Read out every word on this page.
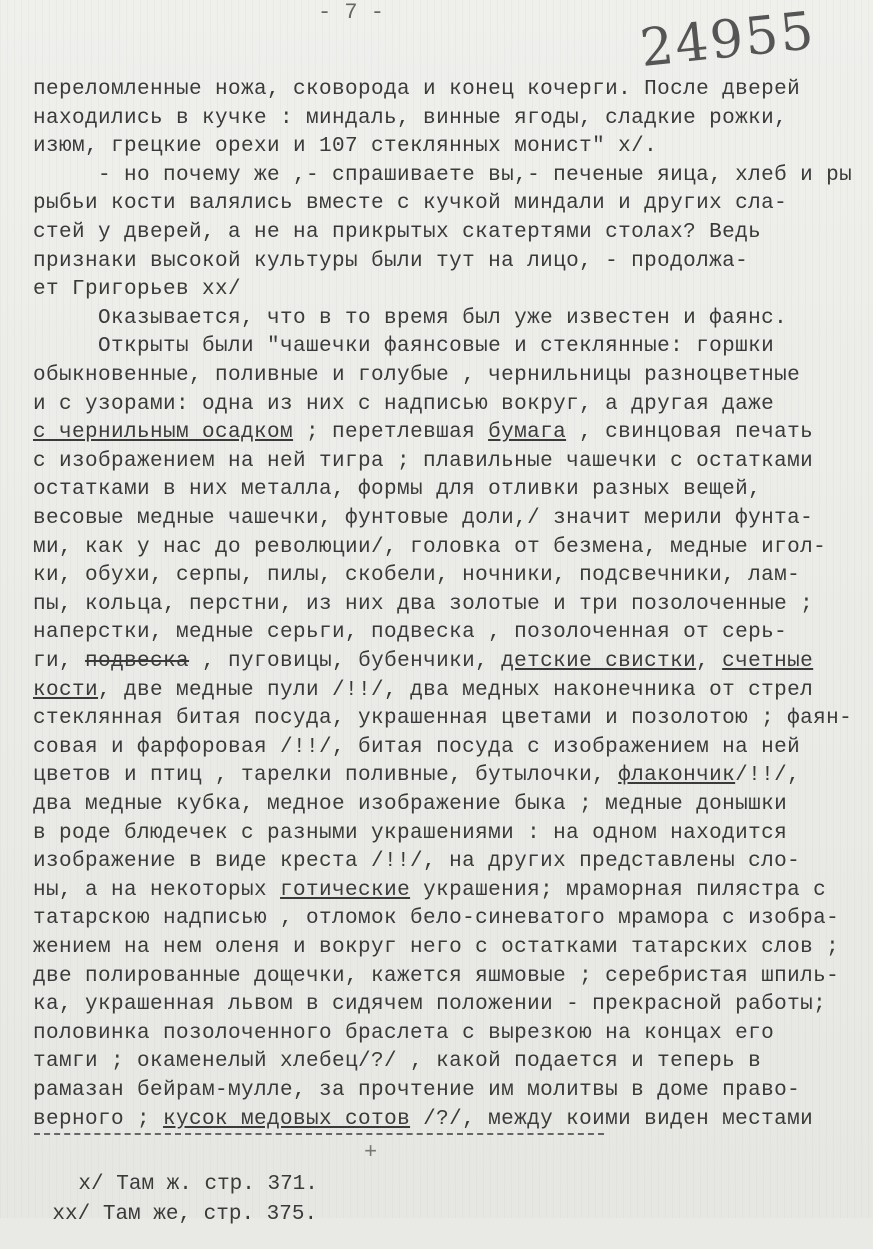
- 7 -	24955
переломленные ножа, сковорода и конец кочерги. После дверей
находились в кучке : миндаль, винные ягоды, сладкие рожки,
изюм, грецкие орехи и 107 стеклянных монист" х/.
- но почему же ,- спрашиваете вы,- печеные яица, хлеб и ры
рыбьи кости валялись вместе с кучкой миндали и других сла-
стей у дверей, а не на прикрытых скатертями столах? Ведь
признаки высокой культуры были тут на лицо, - продолжа-
ет Григорьев хх/
Оказывается, что в то время был уже известен и фаянс.
Открыты были "чашечки фаянсовые и стеклянные: горшки
обыкновенные, поливные и голубые , чернильницы разноцветные
и с узорами: одна из них с надписью вокруг, а другая даже
с чернильным осадком ; перетлевшая бумага , свинцовая печать
с изображением на ней тигра ; плавильные чашечки с остатками
остатками в них металла, формы для отливки разных вещей,
весовые медные чашечки, фунтовые доли,/ значит мерили фунта-
ми, как у нас до революции/, головка от безмена, медные игол-
ки, обухи, серпы, пилы, скобели, ночники, подсвечники, лам-
пы, кольца, перстни, из них два золотые и три позолоченные ;
наперстки, медные серьги, подвеска , позолоченная от серь-
ги, подвеска , пуговицы, бубенчики, детские свистки, счетные
кости, две медные пули /!!/, два медных наконечника от стрел
стеклянная битая посуда, украшенная цветами и позолотою ; фаян-
совая и фарфоровая /!!/, битая посуда с изображением на ней
цветов и птиц , тарелки поливные, бутылочки, флакончик/!!/,
два медные кубка, медное изображение быка ; медные донышки
в роде блюдечек с разными украшениями : на одном находится
изображение в виде креста /!!/, на других представлены сло-
ны, а на некоторых готические украшения; мраморная пилястра с
татарскою надписью , отломок бело-синеватого мрамора с изобра-
жением на нем оленя и вокруг него с остатками татарских слов ;
две полированные дощечки, кажется яшмовые ; серебристая шпиль-
ка, украшенная львом в сидячем положении - прекрасной работы;
половинка позолоченного браслета с вырезкою на концах его
тамги ; окаменелый хлебец/?/ , какой подается и теперь в
рамазан бейрам-мулле, за прочтение им молитвы в доме право-
верного ; кусок медовых сотов /?/, между коими виден местами
+

х/ Там ж. стр. 371.

хх/ Там же, стр. 375.
